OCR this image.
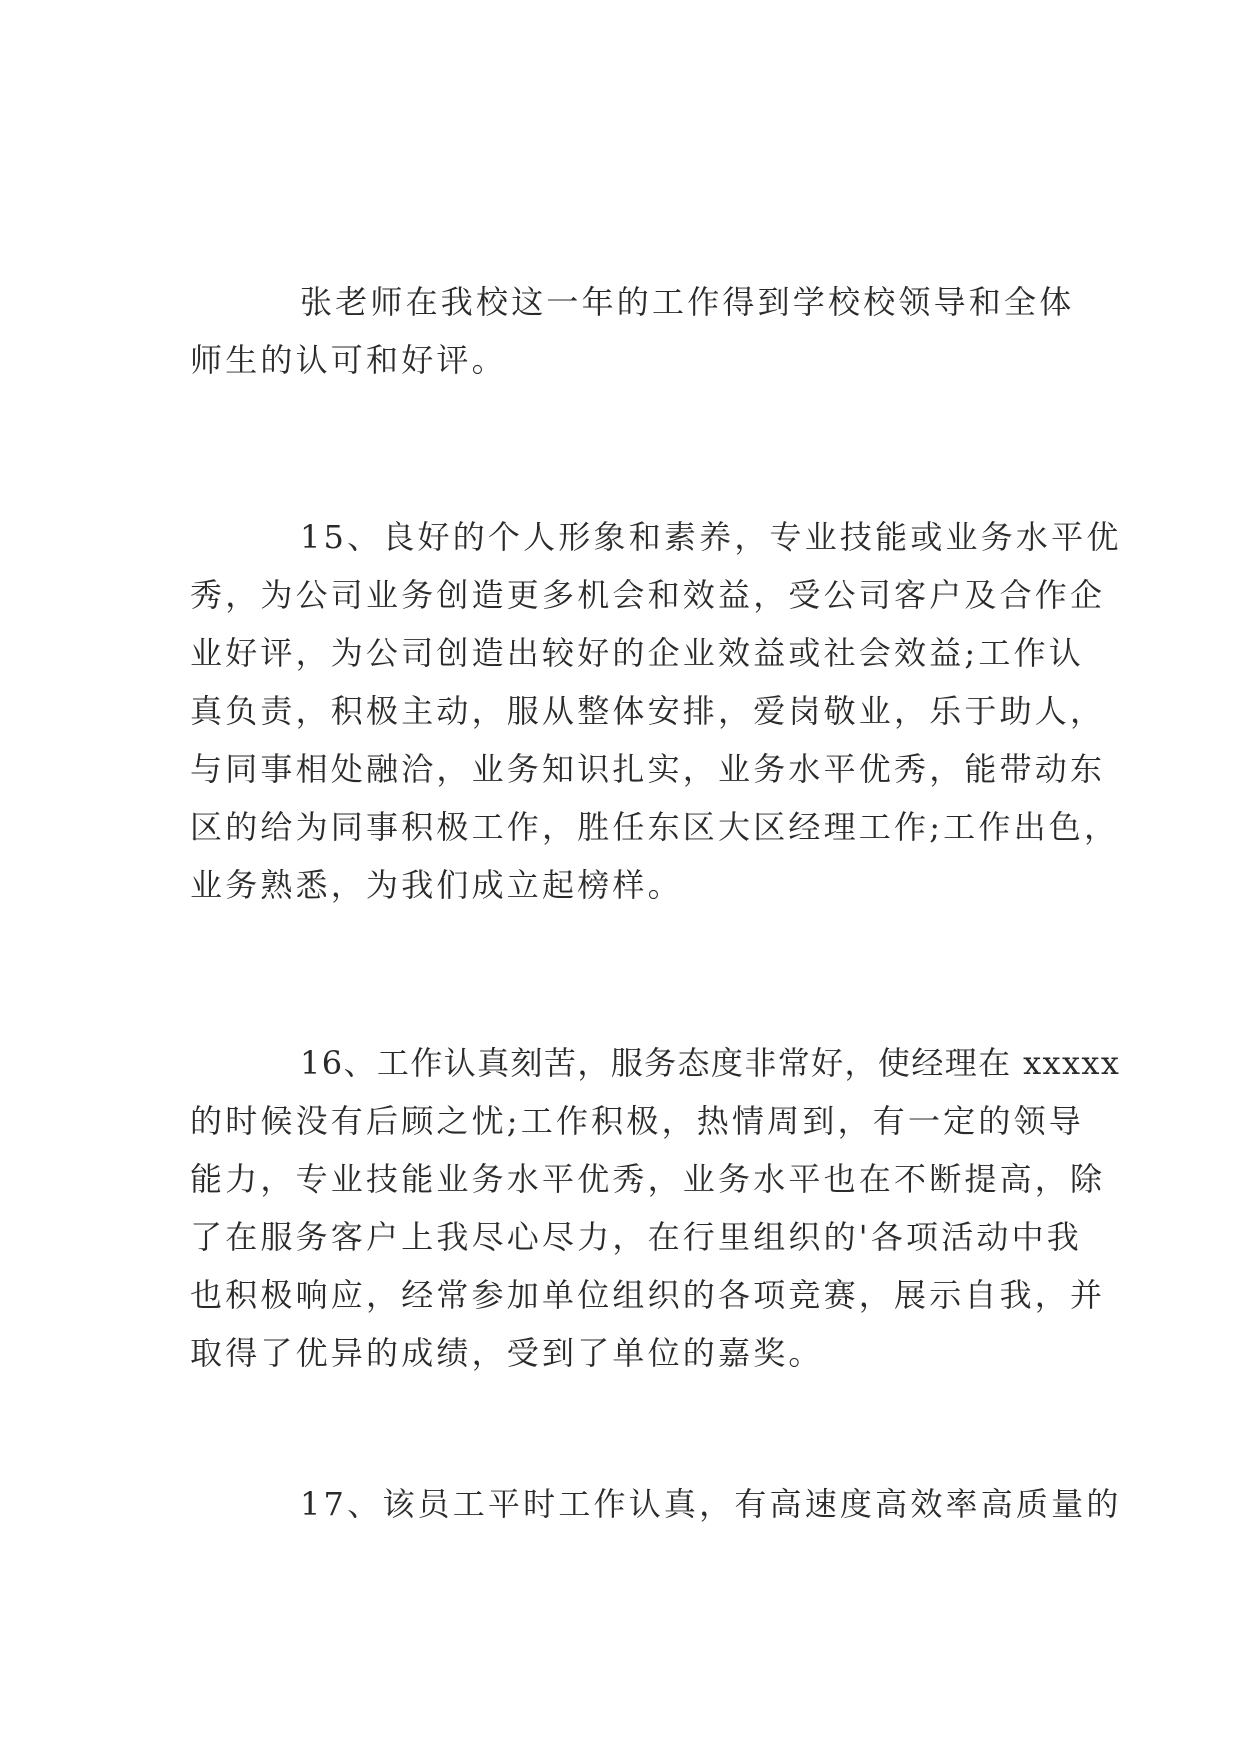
张老师在我校这一年的工作得到学校校领导和全体
师生的认可和好评。
15、良好的个人形象和素养，专业技能或业务水平优
秀，为公司业务创造更多机会和效益，受公司客户及合作企
业好评，为公司创造出较好的企业效益或社会效益;工作认
真负责，积极主动，服从整体安排，爱岗敬业，乐于助人，
与同事相处融洽，业务知识扎实，业务水平优秀，能带动东
区的给为同事积极工作，胜任东区大区经理工作;工作出色，
业务熟悉，为我们成立起榜样。
16、工作认真刻苦，服务态度非常好，使经理在 xxxxx
的时候没有后顾之忧;工作积极，热情周到，有一定的领导
能力，专业技能业务水平优秀，业务水平也在不断提高，除
了在服务客户上我尽心尽力，在行里组织的'各项活动中我
也积极响应，经常参加单位组织的各项竞赛，展示自我，并
取得了优异的成绩，受到了单位的嘉奖。
17、该员工平时工作认真，有高速度高效率高质量的
